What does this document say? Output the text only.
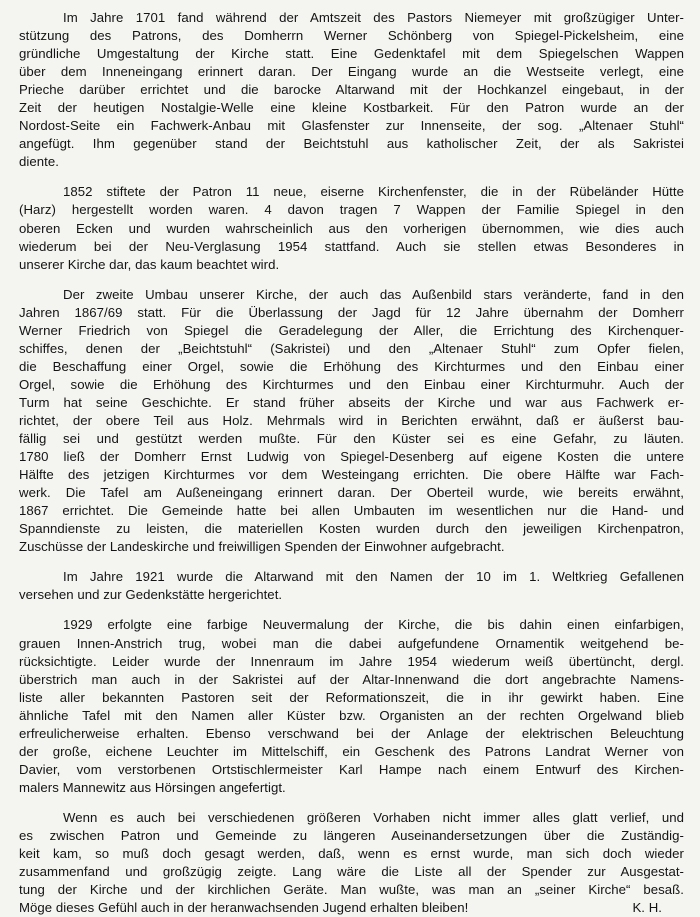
Im Jahre 1701 fand während der Amtszeit des Pastors Niemeyer mit großzügiger Unter-
stützung des Patrons, des Domherrn Werner Schönberg von Spiegel-Pickelsheim, eine
gründliche Umgestaltung der Kirche statt. Eine Gedenktafel mit dem Spiegelschen Wappen
über dem Inneneingang erinnert daran. Der Eingang wurde an die Westseite verlegt, eine
Prieche darüber errichtet und die barocke Altarwand mit der Hochkanzel eingebaut, in der
Zeit der heutigen Nostalgie-Welle eine kleine Kostbarkeit. Für den Patron wurde an der
Nordost-Seite ein Fachwerk-Anbau mit Glasfenster zur Innenseite, der sog. „Altenaer Stuhl“
angefügt. Ihm gegenüber stand der Beichtstuhl aus katholischer Zeit, der als Sakristei
diente.
1852 stiftete der Patron 11 neue, eiserne Kirchenfenster, die in der Rübeländer Hütte
(Harz) hergestellt worden waren. 4 davon tragen 7 Wappen der Familie Spiegel in den
oberen Ecken und wurden wahrscheinlich aus den vorherigen übernommen, wie dies auch
wiederum bei der Neu-Verglasung 1954 stattfand. Auch sie stellen etwas Besonderes in
unserer Kirche dar, das kaum beachtet wird.
Der zweite Umbau unserer Kirche, der auch das Außenbild stars veränderte, fand in den
Jahren 1867/69 statt. Für die Überlassung der Jagd für 12 Jahre übernahm der Domherr
Werner Friedrich von Spiegel die Geradelegung der Aller, die Errichtung des Kirchenquer-
schiffes, denen der „Beichtstuhl“ (Sakristei) und den „Altenaer Stuhl“ zum Opfer fielen,
die Beschaffung einer Orgel, sowie die Erhöhung des Kirchturmes und den Einbau einer
Orgel, sowie die Erhöhung des Kirchturmes und den Einbau einer Kirchturmuhr. Auch der
Turm hat seine Geschichte. Er stand früher abseits der Kirche und war aus Fachwerk er-
richtet, der obere Teil aus Holz. Mehrmals wird in Berichten erwähnt, daß er äußerst bau-
fällig sei und gestützt werden mußte. Für den Küster sei es eine Gefahr, zu läuten.
1780 ließ der Domherr Ernst Ludwig von Spiegel-Desenberg auf eigene Kosten die untere
Hälfte des jetzigen Kirchturmes vor dem Westeingang errichten. Die obere Hälfte war Fach-
werk. Die Tafel am Außeneingang erinnert daran. Der Oberteil wurde, wie bereits erwähnt,
1867 errichtet. Die Gemeinde hatte bei allen Umbauten im wesentlichen nur die Hand- und
Spanndienste zu leisten, die materiellen Kosten wurden durch den jeweiligen Kirchenpatron,
Zuschüsse der Landeskirche und freiwilligen Spenden der Einwohner aufgebracht.
Im Jahre 1921 wurde die Altarwand mit den Namen der 10 im 1. Weltkrieg Gefallenen
versehen und zur Gedenkstätte hergerichtet.
1929 erfolgte eine farbige Neuvermalung der Kirche, die bis dahin einen einfarbigen,
grauen Innen-Anstrich trug, wobei man die dabei aufgefundene Ornamentik weitgehend be-
rücksichtigte. Leider wurde der Innenraum im Jahre 1954 wiederum weiß übertüncht, dergl.
überstrich man auch in der Sakristei auf der Altar-Innenwand die dort angebrachte Namens-
liste aller bekannten Pastoren seit der Reformationszeit, die in ihr gewirkt haben. Eine
ähnliche Tafel mit den Namen aller Küster bzw. Organisten an der rechten Orgelwand blieb
erfreulicherweise erhalten. Ebenso verschwand bei der Anlage der elektrischen Beleuchtung
der große, eichene Leuchter im Mittelschiff, ein Geschenk des Patrons Landrat Werner von
Davier, vom verstorbenen Ortstischlermeister Karl Hampe nach einem Entwurf des Kirchen-
malers Mannewitz aus Hörsingen angefertigt.
Wenn es auch bei verschiedenen größeren Vorhaben nicht immer alles glatt verlief, und
es zwischen Patron und Gemeinde zu längeren Auseinandersetzungen über die Zuständig-
keit kam, so muß doch gesagt werden, daß, wenn es ernst wurde, man sich doch wieder
zusammenfand und großzügig zeigte. Lang wäre die Liste all der Spender zur Ausgestat-
tung der Kirche und der kirchlichen Geräte. Man wußte, was man an „seiner Kirche“ besaß.
Möge dieses Gefühl auch in der heranwachsenden Jugend erhalten bleiben!	K. H.
